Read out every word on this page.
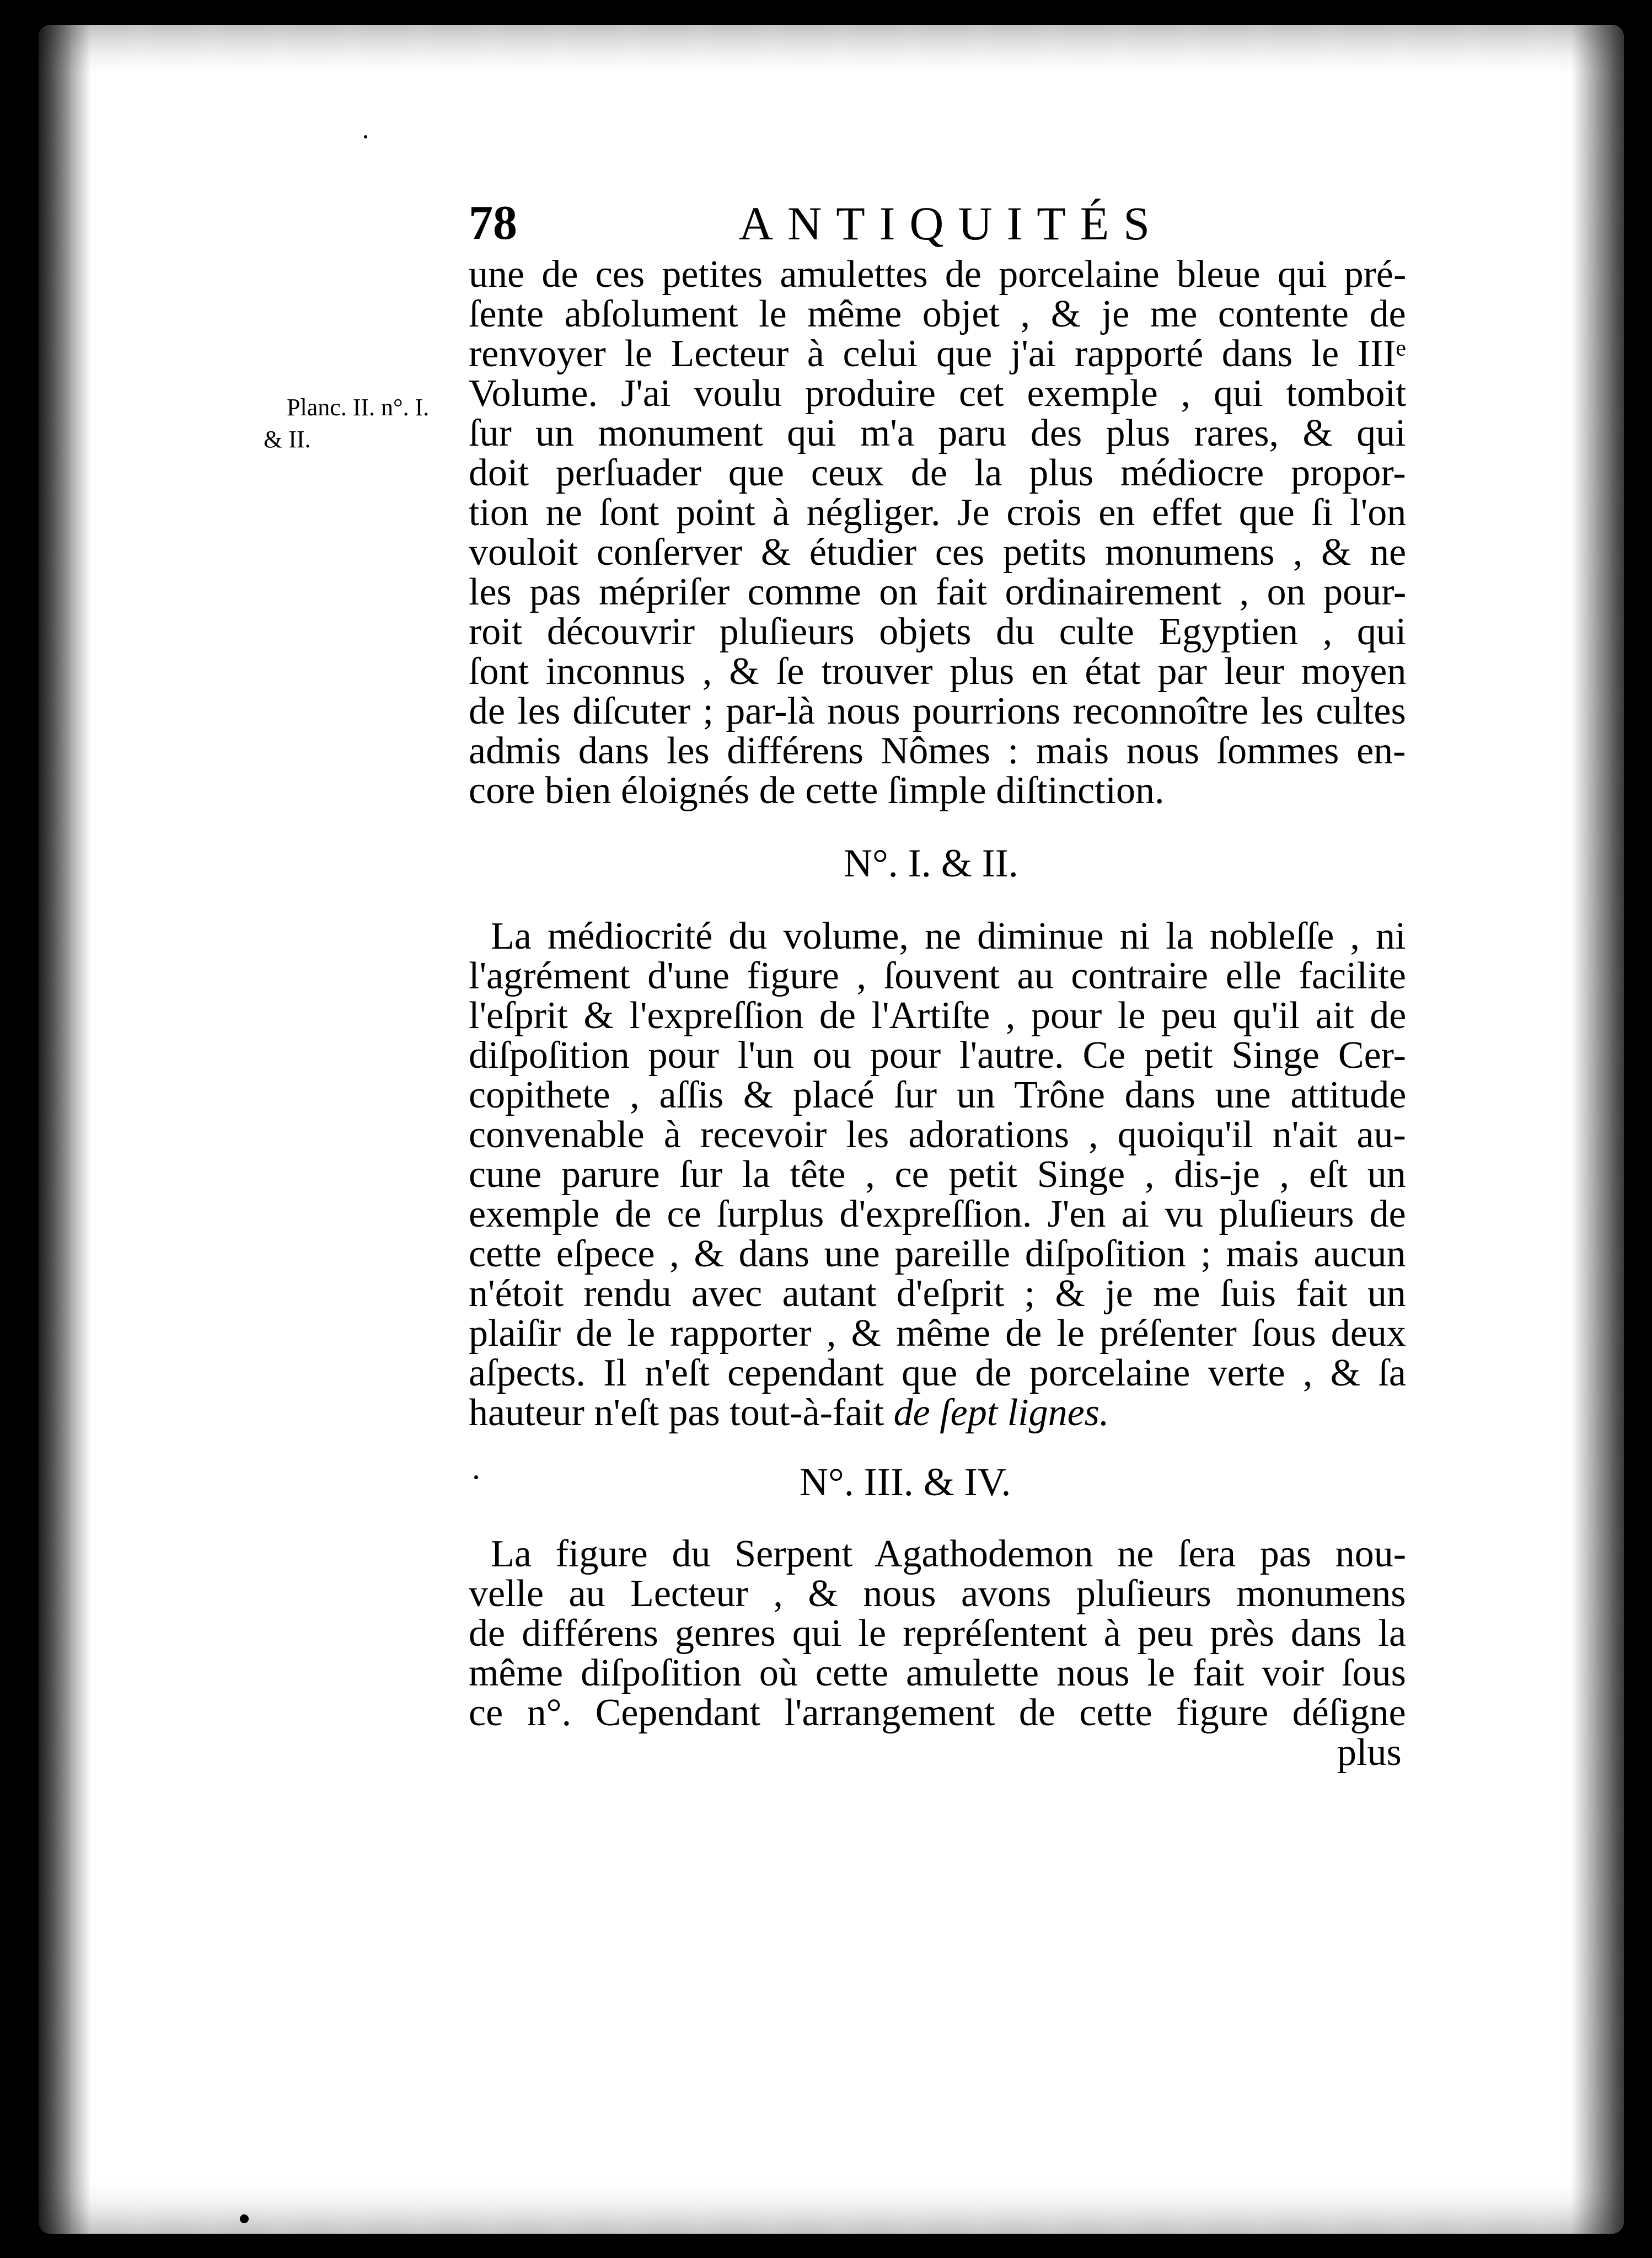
78	ANTIQUITÉS
Planc. II. n°. I.
& II.
une de ces petites amulettes de porcelaine bleue qui pré-
ſente abſolument le même objet , & je me contente de
renvoyer le Lecteur à celui que j'ai rapporté dans le IIIᵉ
Volume. J'ai voulu produire cet exemple , qui tomboit
ſur un monument qui m'a paru des plus rares, & qui
doit perſuader que ceux de la plus médiocre propor-
tion ne ſont point à négliger. Je crois en effet que ſi l'on
vouloit conſerver & étudier ces petits monumens , & ne
les pas mépriſer comme on fait ordinairement , on pour-
roit découvrir pluſieurs objets du culte Egyptien , qui
ſont inconnus , & ſe trouver plus en état par leur moyen
de les diſcuter ; par-là nous pourrions reconnoître les cultes
admis dans les différens Nômes : mais nous ſommes en-
core bien éloignés de cette ſimple diſtinction.
N°. I. & II.
La médiocrité du volume, ne diminue ni la nobleſſe , ni
l'agrément d'une figure , ſouvent au contraire elle facilite
l'eſprit & l'expreſſion de l'Artiſte , pour le peu qu'il ait de
diſpoſition pour l'un ou pour l'autre. Ce petit Singe Cer-
copithete , aſſis & placé ſur un Trône dans une attitude
convenable à recevoir les adorations , quoiqu'il n'ait au-
cune parure ſur la tête , ce petit Singe , dis-je , eſt un
exemple de ce ſurplus d'expreſſion. J'en ai vu pluſieurs de
cette eſpece , & dans une pareille diſpoſition ; mais aucun
n'étoit rendu avec autant d'eſprit ; & je me ſuis fait un
plaiſir de le rapporter , & même de le préſenter ſous deux
aſpects. Il n'eſt cependant que de porcelaine verte , & ſa
hauteur n'eſt pas tout-à-fait de ſept lignes.
N°. III. & IV.
La figure du Serpent Agathodemon ne ſera pas nou-
velle au Lecteur , & nous avons pluſieurs monumens
de différens genres qui le repréſentent à peu près dans la
même diſpoſition où cette amulette nous le fait voir ſous
ce n°. Cependant l'arrangement de cette figure déſigne
plus
